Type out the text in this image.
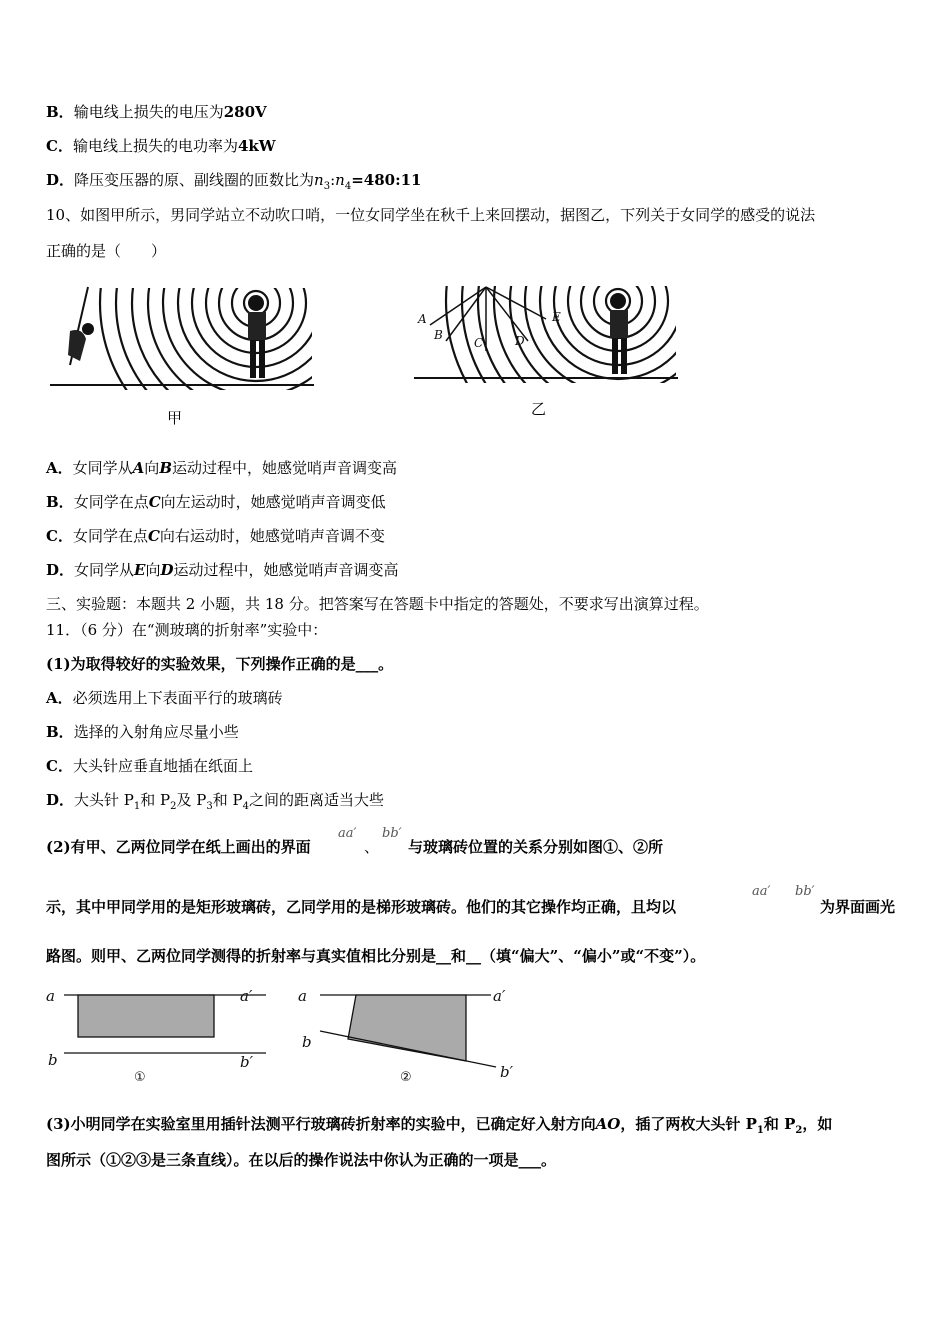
B．输电线上损失的电压为280V
C．输电线上损失的电功率为4kW
D．降压变压器的原、副线圈的匝数比为$n_3:n_4=480:11$
10、如图甲所示，男同学站立不动吹口哨，一位女同学坐在秋千上来回摆动，据图乙，下列关于女同学的感受的说法
正确的是（　　）
甲
A
B
C	D
E
乙
A．女同学从A向B运动过程中，她感觉哨声音调变高
B．女同学在点C向左运动时，她感觉哨声音调变低
C．女同学在点C向右运动时，她感觉哨声音调不变
D．女同学从E向D运动过程中，她感觉哨声音调变高
三、实验题：本题共 2 小题，共 18 分。把答案写在答题卡中指定的答题处，不要求写出演算过程。
11．（6 分）在“测玻璃的折射率”实验中：
(1)为取得较好的实验效果，下列操作正确的是___。
A．必须选用上下表面平行的玻璃砖
B．选择的入射角应尽量小些
C．大头针应垂直地插在纸面上
D．大头针 $P_1$和 $P_2$及 $P_3$和 $P_4$之间的距离适当大些
(2)有甲、乙两位同学在纸上画出的界面
aa′
、
bb′
与玻璃砖位置的关系分别如图①、②所
示，其中甲同学用的是矩形玻璃砖，乙同学用的是梯形玻璃砖。他们的其它操作均正确，且均以
aa′ bb′
为界面画光
路图。则甲、乙两位同学测得的折射率与真实值相比分别是__和__（填“偏大”、“偏小”或“不变”）。
a	a′
b	b′
①
a	a′
b
b′
②
(3)小明同学在实验室里用插针法测平行玻璃砖折射率的实验中，已确定好入射方向AO，插了两枚大头针 $P_1$和 $P_2$，如
图所示（①②③是三条直线）。在以后的操作说法中你认为正确的一项是___。
